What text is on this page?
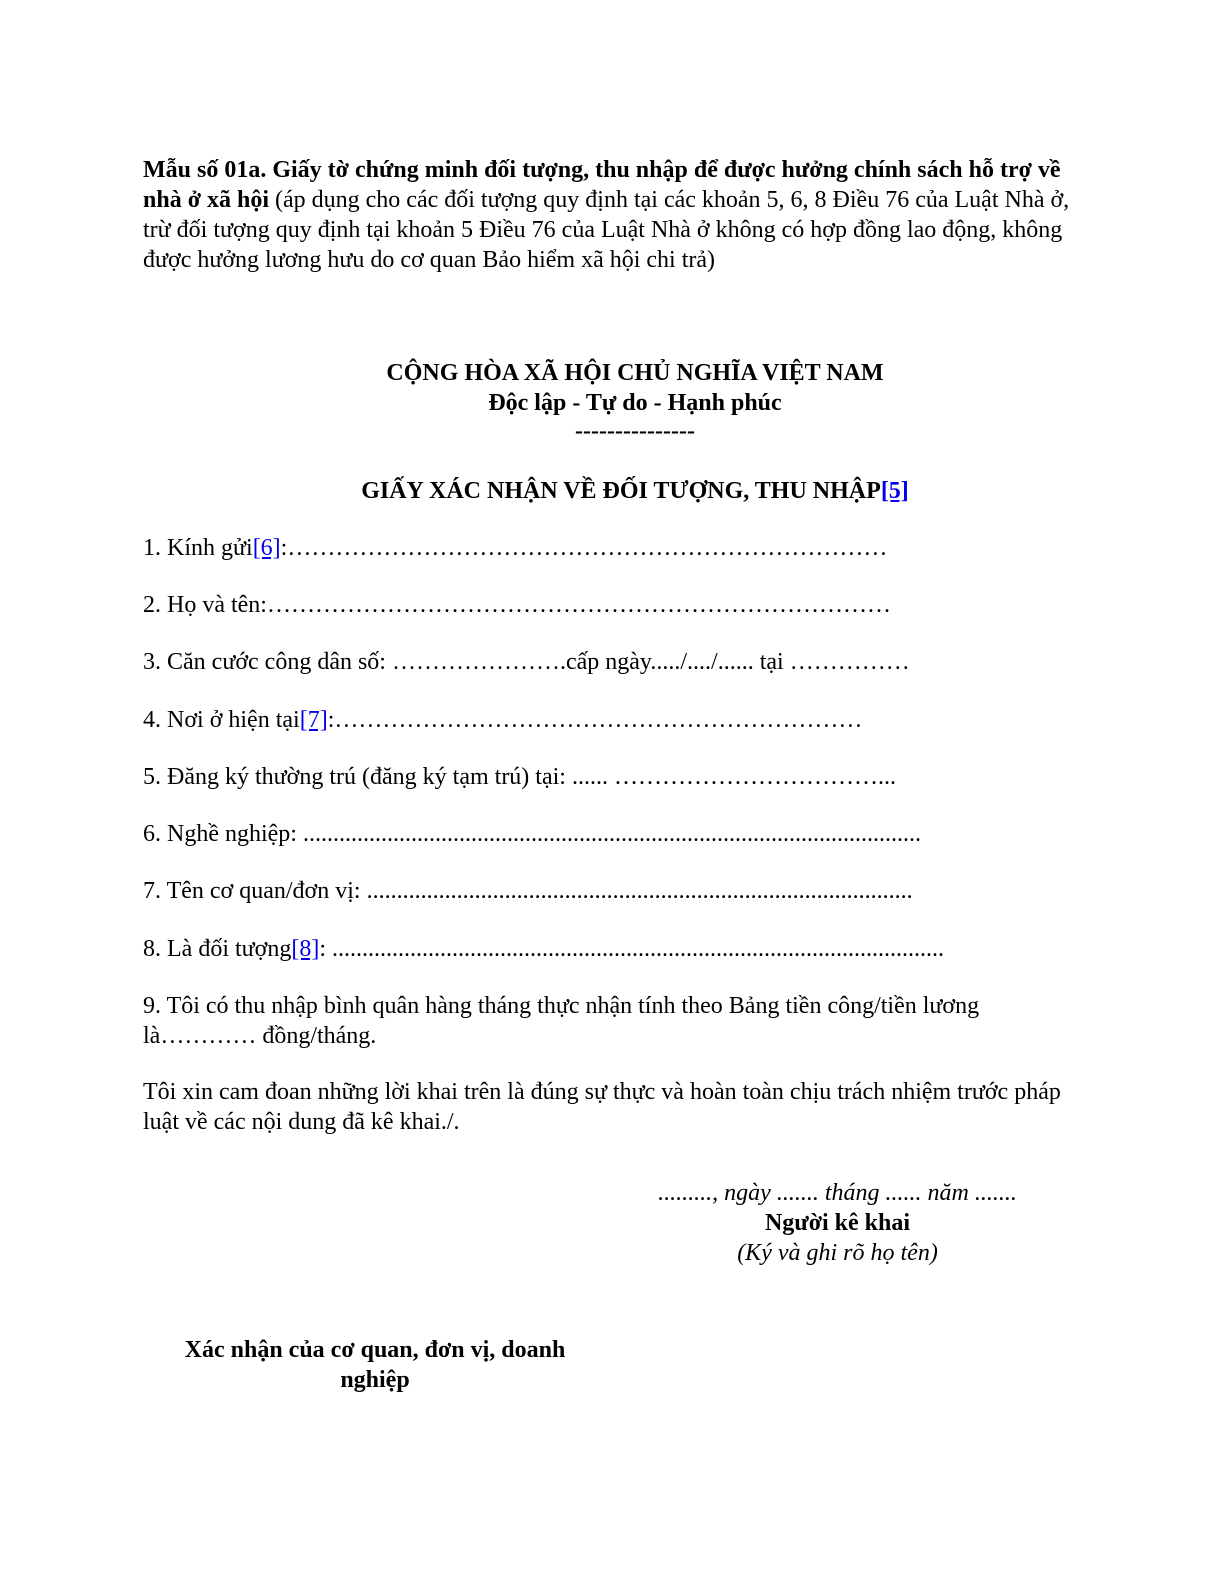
Mẫu số 01a. Giấy tờ chứng minh đối tượng, thu nhập để được hưởng chính sách hỗ trợ về nhà ở xã hội (áp dụng cho các đối tượng quy định tại các khoản 5, 6, 8 Điều 76 của Luật Nhà ở, trừ đối tượng quy định tại khoản 5 Điều 76 của Luật Nhà ở không có hợp đồng lao động, không được hưởng lương hưu do cơ quan Bảo hiểm xã hội chi trả)

CỘNG HÒA XÃ HỘI CHỦ NGHĨA VIỆT NAM
Độc lập - Tự do - Hạnh phúc
---------------
GIẤY XÁC NHẬN VỀ ĐỐI TƯỢNG, THU NHẬP[5]

1. Kính gửi[6]:…………………………………………………………………

2. Họ và tên:……………………………………………………………………

3. Căn cước công dân số: ………………….cấp ngày...../..../...... tại ……………

4. Nơi ở hiện tại[7]:…………………………………………………………

5. Đăng ký thường trú (đăng ký tạm trú) tại: ...... ……………………………...

6. Nghề nghiệp: .......................................................................................................

7. Tên cơ quan/đơn vị: ...........................................................................................

8. Là đối tượng[8]: ......................................................................................................

9. Tôi có thu nhập bình quân hàng tháng thực nhận tính theo Bảng tiền công/tiền lương là………… đồng/tháng.

Tôi xin cam đoan những lời khai trên là đúng sự thực và hoàn toàn chịu trách nhiệm trước pháp luật về các nội dung đã kê khai./.

........., ngày ....... tháng ...... năm .......
Người kê khai
(Ký và ghi rõ họ tên)
Xác nhận của cơ quan, đơn vị, doanh nghiệp
